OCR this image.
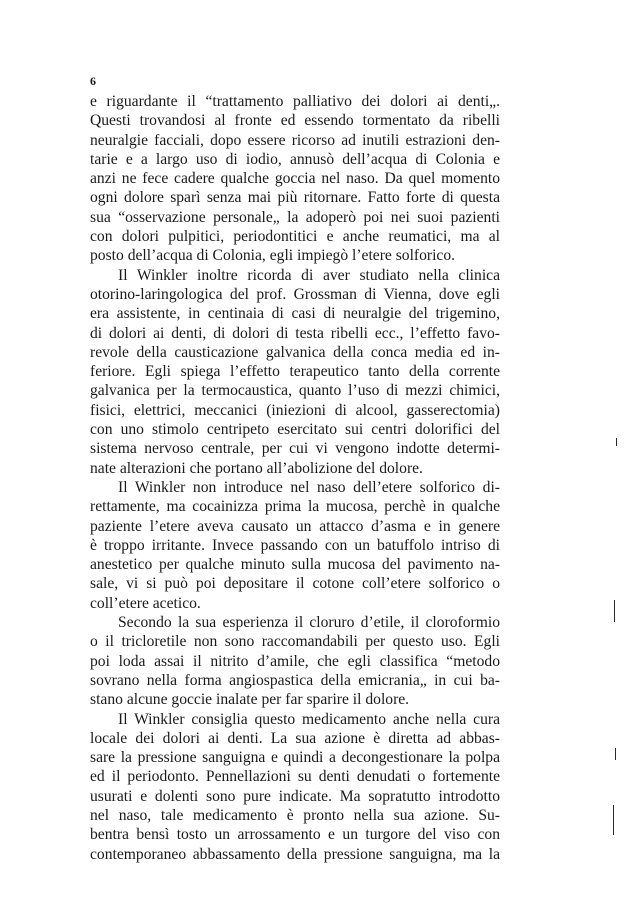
6
e riguardante il “trattamento palliativo dei dolori ai denti„.
Questi trovandosi al fronte ed essendo tormentato da ribelli
neuralgie facciali, dopo essere ricorso ad inutili estrazioni den-
tarie e a largo uso di iodio, annusò dell’acqua di Colonia e
anzi ne fece cadere qualche goccia nel naso. Da quel momento
ogni dolore sparì senza mai più ritornare. Fatto forte di questa
sua “osservazione personale„ la adoperò poi nei suoi pazienti
con dolori pulpitici, periodontitici e anche reumatici, ma al
posto dell’acqua di Colonia, egli impiegò l’etere solforico.
Il Winkler inoltre ricorda di aver studiato nella clinica
otorino-laringologica del prof. Grossman di Vienna, dove egli
era assistente, in centinaia di casi di neuralgie del trigemino,
di dolori ai denti, di dolori di testa ribelli ecc., l’effetto favo-
revole della causticazione galvanica della conca media ed in-
feriore. Egli spiega l’effetto terapeutico tanto della corrente
galvanica per la termocaustica, quanto l’uso di mezzi chimici,
fisici, elettrici, meccanici (iniezioni di alcool, gasserectomia)
con uno stimolo centripeto esercitato sui centri dolorifici del
sistema nervoso centrale, per cui vi vengono indotte determi-
nate alterazioni che portano all’abolizione del dolore.
Il Winkler non introduce nel naso dell’etere solforico di-
rettamente, ma cocainizza prima la mucosa, perchè in qualche
paziente l’etere aveva causato un attacco d’asma e in genere
è troppo irritante. Invece passando con un batuffolo intriso di
anestetico per qualche minuto sulla mucosa del pavimento na-
sale, vi si può poi depositare il cotone coll’etere solforico o
coll’etere acetico.
Secondo la sua esperienza il cloruro d’etile, il cloroformio
o il tricloretile non sono raccomandabili per questo uso. Egli
poi loda assai il nitrito d’amile, che egli classifica “metodo
sovrano nella forma angiospastica della emicrania„ in cui ba-
stano alcune goccie inalate per far sparire il dolore.
Il Winkler consiglia questo medicamento anche nella cura
locale dei dolori ai denti. La sua azione è diretta ad abbas-
sare la pressione sanguigna e quindi a decongestionare la polpa
ed il periodonto. Pennellazioni su denti denudati o fortemente
usurati e dolenti sono pure indicate. Ma sopratutto introdotto
nel naso, tale medicamento è pronto nella sua azione. Su-
bentra bensì tosto un arrossamento e un turgore del viso con
contemporaneo abbassamento della pressione sanguigna, ma la
